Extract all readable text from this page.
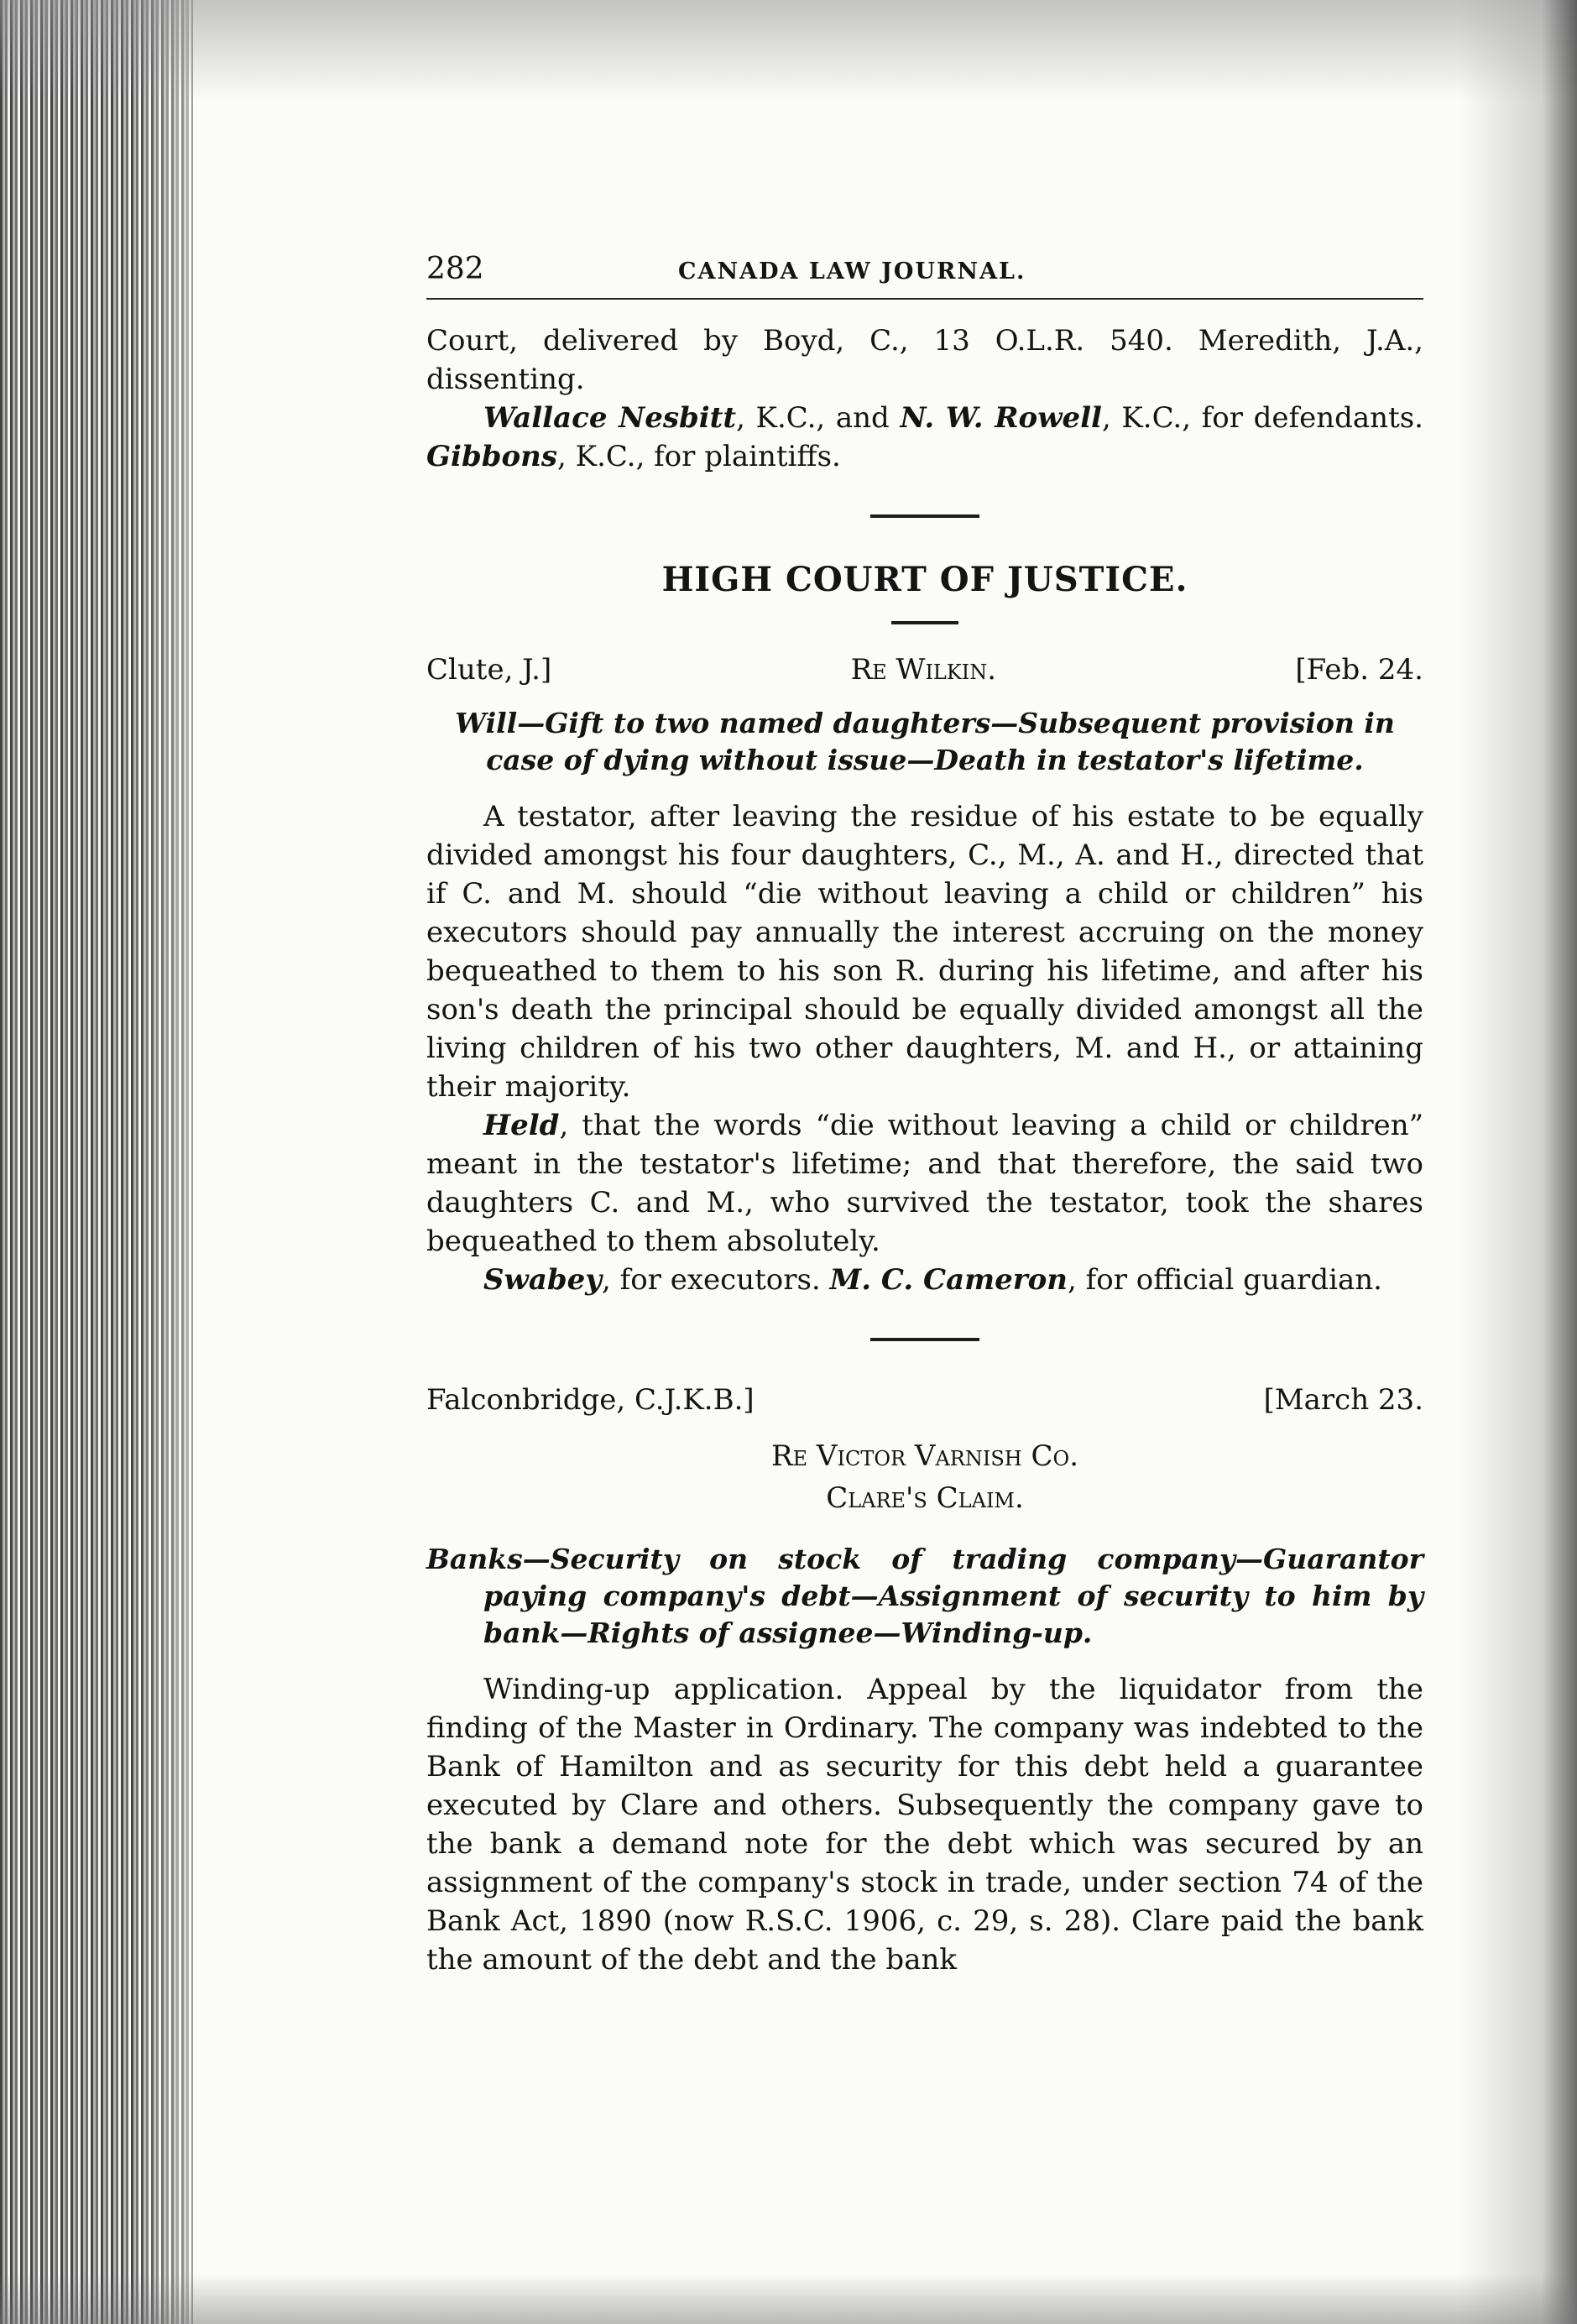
282	CANADA LAW JOURNAL.

Court, delivered by Boyd, C., 13 O.L.R. 540. Meredith, J.A., dissenting.

Wallace Nesbitt, K.C., and N. W. Rowell, K.C., for defendants. Gibbons, K.C., for plaintiffs.

HIGH COURT OF JUSTICE.
Clute, J.]	Re Wilkin.	[Feb. 24.

Will—Gift to two named daughters—Subsequent provision in case of dying without issue—Death in testator's lifetime.

A testator, after leaving the residue of his estate to be equally divided amongst his four daughters, C., M., A. and H., directed that if C. and M. should “die without leaving a child or children” his executors should pay annually the interest accruing on the money bequeathed to them to his son R. during his lifetime, and after his son's death the principal should be equally divided amongst all the living children of his two other daughters, M. and H., or attaining their majority.

Held, that the words “die without leaving a child or children” meant in the testator's lifetime; and that therefore, the said two daughters C. and M., who survived the testator, took the shares bequeathed to them absolutely.

Swabey, for executors. M. C. Cameron, for official guardian.

Falconbridge, C.J.K.B.]	[March 23.

Re Victor Varnish Co.

Clare's Claim.

Banks—Security on stock of trading company—Guarantor paying company's debt—Assignment of security to him by bank—Rights of assignee—Winding-up.

Winding-up application. Appeal by the liquidator from the finding of the Master in Ordinary. The company was indebted to the Bank of Hamilton and as security for this debt held a guarantee executed by Clare and others. Subsequently the company gave to the bank a demand note for the debt which was secured by an assignment of the company's stock in trade, under section 74 of the Bank Act, 1890 (now R.S.C. 1906, c. 29, s. 28). Clare paid the bank the amount of the debt and the bank
